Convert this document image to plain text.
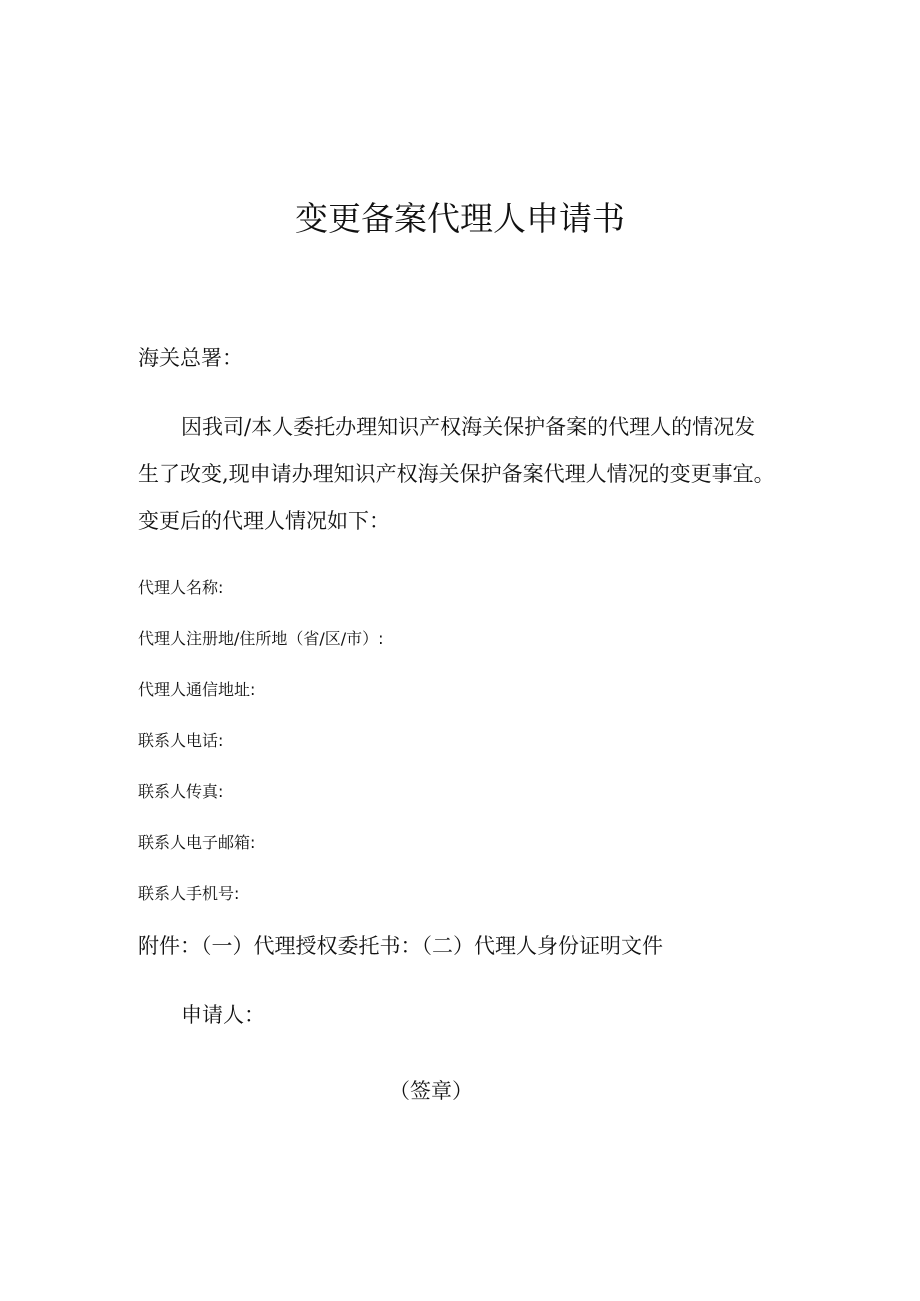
变更备案代理人申请书
海关总署：

因我司/本人委托办理知识产权海关保护备案的代理人的情况发

生了改变,现申请办理知识产权海关保护备案代理人情况的变更事宜。

变更后的代理人情况如下：

代理人名称:
代理人注册地/住所地（省/区/市）:
代理人通信地址:
联系人电话:
联系人传真:
联系人电子邮箱:
联系人手机号:
附件：（一）代理授权委托书：（二）代理人身份证明文件
申请人：
（签章）
